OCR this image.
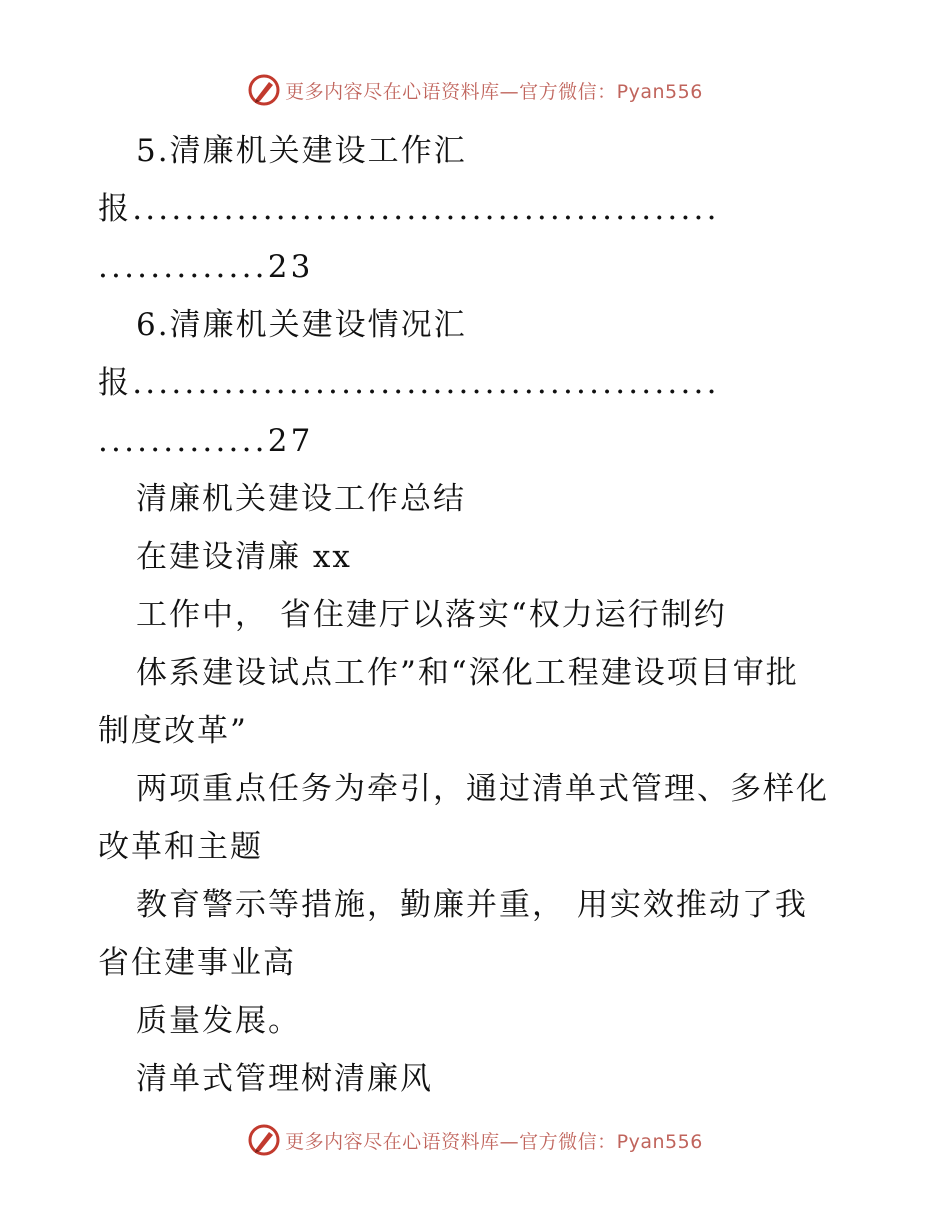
更多内容尽在心语资料库—官方微信：Pyan556
5.清廉机关建设工作汇
报.............................................
.............23
6.清廉机关建设情况汇
报.............................................
.............27
清廉机关建设工作总结
在建设清廉 xx
工作中， 省住建厅以落实“权力运行制约
体系建设试点工作”和“深化工程建设项目审批
制度改革”
两项重点任务为牵引，通过清单式管理、多样化
改革和主题
教育警示等措施，勤廉并重， 用实效推动了我
省住建事业高
质量发展。
清单式管理树清廉风
更多内容尽在心语资料库—官方微信：Pyan556
